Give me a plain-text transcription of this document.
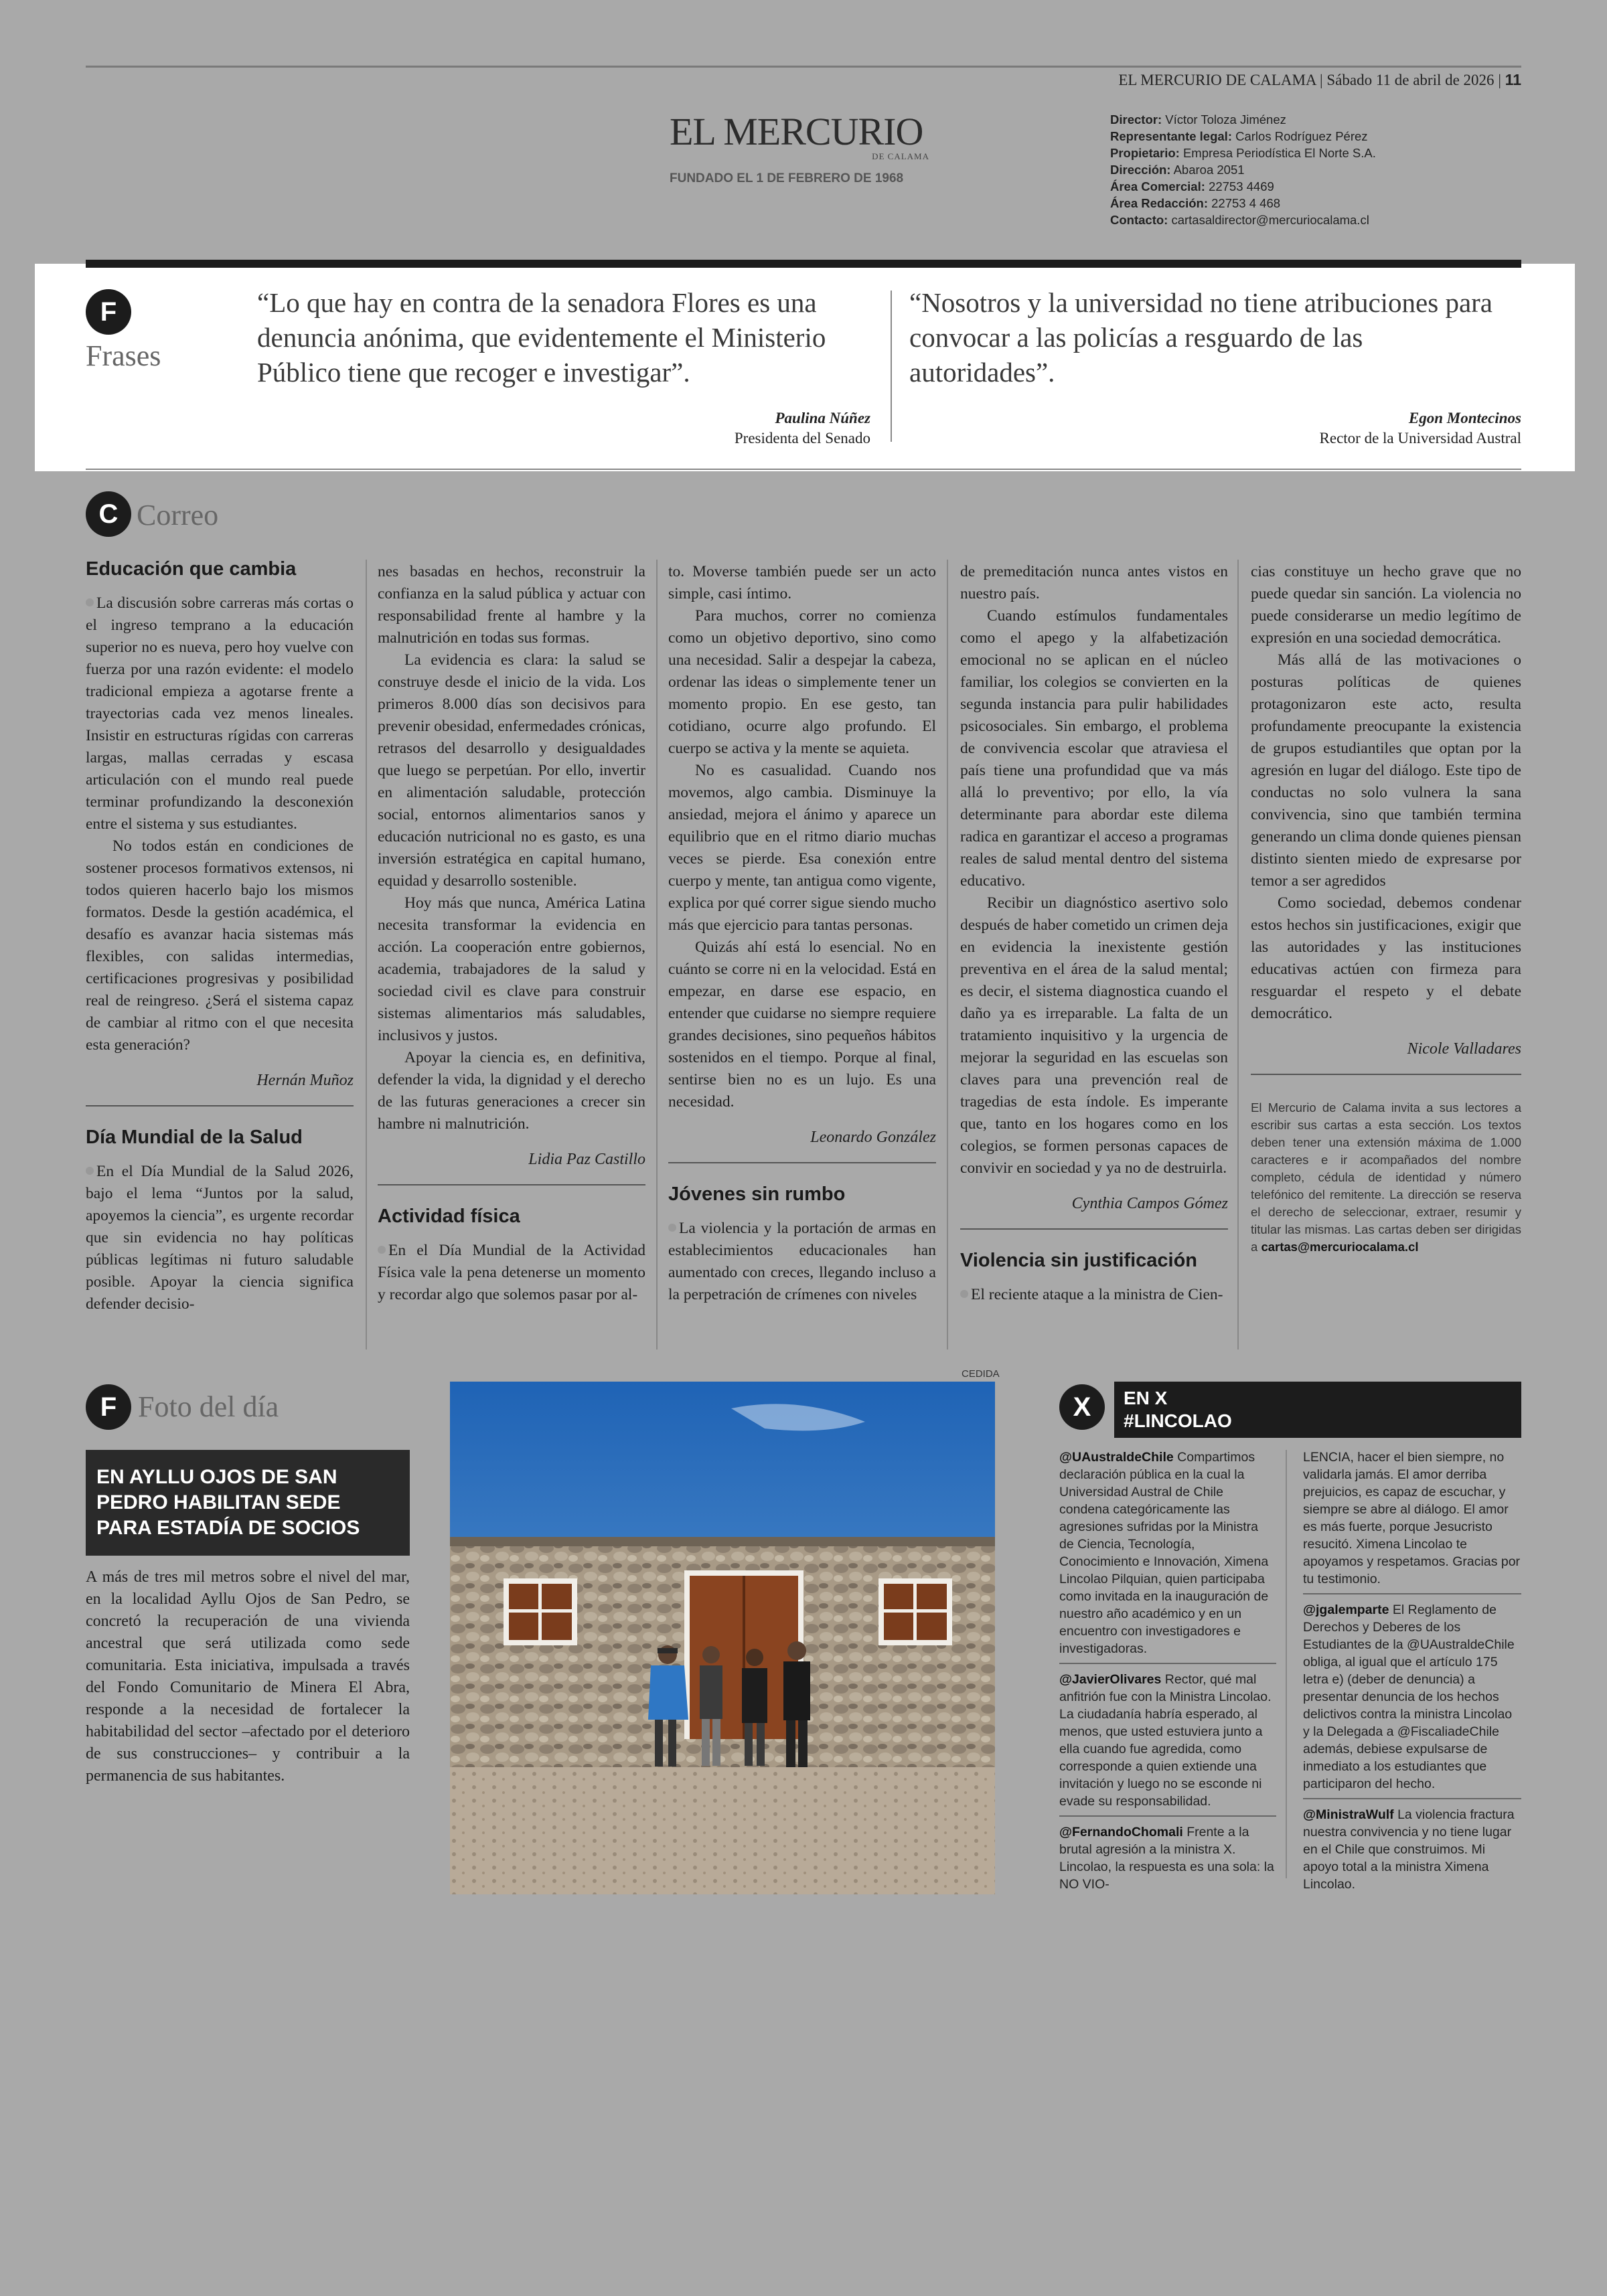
EL MERCURIO DE CALAMA | Sábado 11 de abril de 2026 | 11
EL MERCURIO
DE CALAMA
FUNDADO EL 1 DE FEBRERO DE 1968
Director: Víctor Toloza Jiménez
Representante legal: Carlos Rodríguez Pérez
Propietario: Empresa Periodística El Norte S.A.
Dirección: Abaroa 2051
Área Comercial: 22753 4469
Área Redacción: 22753 4 468
Contacto: cartasaldirector@mercuriocalama.cl
F
Frases
“Lo que hay en contra de la senadora Flores es una denuncia anónima, que evidentemente el Ministerio Público tiene que recoger e investigar”.
Paulina Núñez
Presidenta del Senado
“Nosotros y la universidad no tiene atribuciones para convocar a las policías a resguardo de las autoridades”.
Egon Montecinos
Rector de la Universidad Austral
C Correo
Educación que cambia

La discusión sobre carreras más cortas o el ingreso temprano a la educación superior no es nueva, pero hoy vuelve con fuerza por una razón evidente: el modelo tradicional empieza a agotarse frente a trayectorias cada vez menos lineales. Insistir en estructuras rígidas con carreras largas, mallas cerradas y escasa articulación con el mundo real puede terminar profundizando la desconexión entre el sistema y sus estudiantes.

No todos están en condiciones de sostener procesos formativos extensos, ni todos quieren hacerlo bajo los mismos formatos. Desde la gestión académica, el desafío es avanzar hacia sistemas más flexibles, con salidas intermedias, certificaciones progresivas y posibilidad real de reingreso. ¿Será el sistema capaz de cambiar al ritmo con el que necesita esta generación?

Hernán Muñoz
Día Mundial de la Salud

En el Día Mundial de la Salud 2026, bajo el lema “Juntos por la salud, apoyemos la ciencia”, es urgente recordar que sin evidencia no hay políticas públicas legítimas ni futuro saludable posible. Apoyar la ciencia significa defender decisio-

nes basadas en hechos, reconstruir la confianza en la salud pública y actuar con responsabilidad frente al hambre y la malnutrición en todas sus formas.

La evidencia es clara: la salud se construye desde el inicio de la vida. Los primeros 8.000 días son decisivos para prevenir obesidad, enfermedades crónicas, retrasos del desarrollo y desigualdades que luego se perpetúan. Por ello, invertir en alimentación saludable, protección social, entornos alimentarios sanos y educación nutricional no es gasto, es una inversión estratégica en capital humano, equidad y desarrollo sostenible.

Hoy más que nunca, América Latina necesita transformar la evidencia en acción. La cooperación entre gobiernos, academia, trabajadores de la salud y sociedad civil es clave para construir sistemas alimentarios más saludables, inclusivos y justos.

Apoyar la ciencia es, en definitiva, defender la vida, la dignidad y el derecho de las futuras generaciones a crecer sin hambre ni malnutrición.

Lidia Paz Castillo
Actividad física

En el Día Mundial de la Actividad Física vale la pena detenerse un momento y recordar algo que solemos pasar por al-

to. Moverse también puede ser un acto simple, casi íntimo.

Para muchos, correr no comienza como un objetivo deportivo, sino como una necesidad. Salir a despejar la cabeza, ordenar las ideas o simplemente tener un momento propio. En ese gesto, tan cotidiano, ocurre algo profundo. El cuerpo se activa y la mente se aquieta.

No es casualidad. Cuando nos movemos, algo cambia. Disminuye la ansiedad, mejora el ánimo y aparece un equilibrio que en el ritmo diario muchas veces se pierde. Esa conexión entre cuerpo y mente, tan antigua como vigente, explica por qué correr sigue siendo mucho más que ejercicio para tantas personas.

Quizás ahí está lo esencial. No en cuánto se corre ni en la velocidad. Está en empezar, en darse ese espacio, en entender que cuidarse no siempre requiere grandes decisiones, sino pequeños hábitos sostenidos en el tiempo. Porque al final, sentirse bien no es un lujo. Es una necesidad.

Leonardo González
Jóvenes sin rumbo

La violencia y la portación de armas en establecimientos educacionales han aumentado con creces, llegando incluso a la perpetración de crímenes con niveles

de premeditación nunca antes vistos en nuestro país.

Cuando estímulos fundamentales como el apego y la alfabetización emocional no se aplican en el núcleo familiar, los colegios se convierten en la segunda instancia para pulir habilidades psicosociales. Sin embargo, el problema de convivencia escolar que atraviesa el país tiene una profundidad que va más allá lo preventivo; por ello, la vía determinante para abordar este dilema radica en garantizar el acceso a programas reales de salud mental dentro del sistema educativo.

Recibir un diagnóstico asertivo solo después de haber cometido un crimen deja en evidencia la inexistente gestión preventiva en el área de la salud mental; es decir, el sistema diagnostica cuando el daño ya es irreparable. La falta de un tratamiento inquisitivo y la urgencia de mejorar la seguridad en las escuelas son claves para una prevención real de tragedias de esta índole. Es imperante que, tanto en los hogares como en los colegios, se formen personas capaces de convivir en sociedad y ya no de destruirla.

Cynthia Campos Gómez
Violencia sin justificación

El reciente ataque a la ministra de Cien-

cias constituye un hecho grave que no puede quedar sin sanción. La violencia no puede considerarse un medio legítimo de expresión en una sociedad democrática.

Más allá de las motivaciones o posturas políticas de quienes protagonizaron este acto, resulta profundamente preocupante la existencia de grupos estudiantiles que optan por la agresión en lugar del diálogo. Este tipo de conductas no solo vulnera la sana convivencia, sino que también termina generando un clima donde quienes piensan distinto sienten miedo de expresarse por temor a ser agredidos

Como sociedad, debemos condenar estos hechos sin justificaciones, exigir que las autoridades y las instituciones educativas actúen con firmeza para resguardar el respeto y el debate democrático.

Nicole Valladares
El Mercurio de Calama invita a sus lectores a escribir sus cartas a esta sección. Los textos deben tener una extensión máxima de 1.000 caracteres e ir acompañados del nombre completo, cédula de identidad y número telefónico del remitente. La dirección se reserva el derecho de seleccionar, extraer, resumir y titular las mismas. Las cartas deben ser dirigidas a cartas@mercuriocalama.cl
F Foto del día
EN AYLLU OJOS DE SAN PEDRO HABILITAN SEDE PARA ESTADÍA DE SOCIOS
A más de tres mil metros sobre el nivel del mar, en la localidad Ayllu Ojos de San Pedro, se concretó la recuperación de una vivienda ancestral que será utilizada como sede comunitaria. Esta iniciativa, impulsada a través del Fondo Comunitario de Minera El Abra, responde a la necesidad de fortalecer la habitabilidad del sector –afectado por el deterioro de sus construcciones– y contribuir a la permanencia de sus habitantes.
CEDIDA
X	EN X
#LINCOLAO

@UAustraldeChile Compartimos declaración pública en la cual la Universidad Austral de Chile condena categóricamente las agresiones sufridas por la Ministra de Ciencia, Tecnología, Conocimiento e Innovación, Ximena Lincolao Pilquian, quien participaba como invitada en la inauguración de nuestro año académico y en un encuentro con investigadores e investigadoras.

@JavierOlivares Rector, qué mal anfitrión fue con la Ministra Lincolao. La ciudadanía habría esperado, al menos, que usted estuviera junto a ella cuando fue agredida, como corresponde a quien extiende una invitación y luego no se esconde ni evade su responsabilidad.

@FernandoChomali Frente a la brutal agresión a la ministra X. Lincolao, la respuesta es una sola: la NO VIO-

LENCIA, hacer el bien siempre, no validarla jamás. El amor derriba prejuicios, es capaz de escuchar, y siempre se abre al diálogo. El amor es más fuerte, porque Jesucristo resucitó. Ximena Lincolao te apoyamos y respetamos. Gracias por tu testimonio.

@jgalemparte El Reglamento de Derechos y Deberes de los Estudiantes de la @UAustraldeChile obliga, al igual que el artículo 175 letra e) (deber de denuncia) a presentar denuncia de los hechos delictivos contra la ministra Lincolao y la Delegada a @FiscaliadeChile además, debiese expulsarse de inmediato a los estudiantes que participaron del hecho.

@MinistraWulf La violencia fractura nuestra convivencia y no tiene lugar en el Chile que construimos. Mi apoyo total a la ministra Ximena Lincolao.
